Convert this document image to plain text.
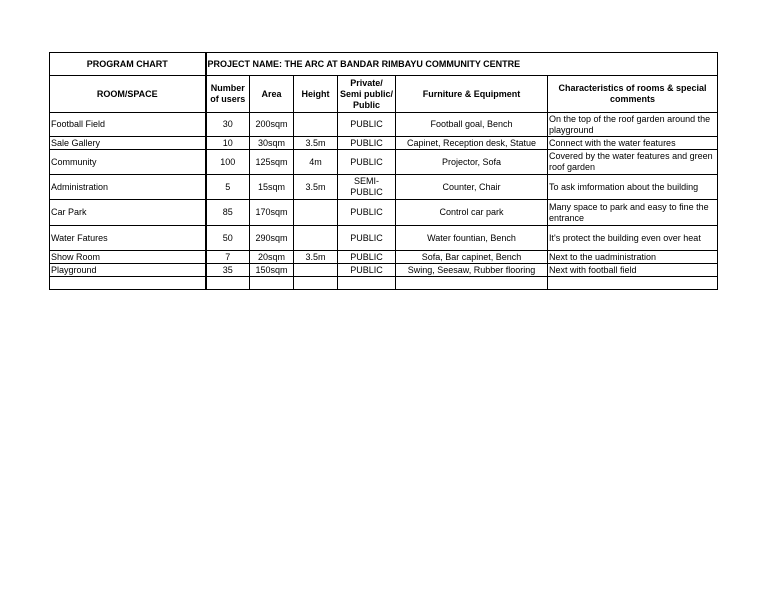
PROGRAM CHART	PROJECT NAME: THE ARC AT BANDAR RIMBAYU COMMUNITY CENTRE					
ROOM/SPACE	Number of users	Area	Height	Private/ Semi public/ Public	Furniture & Equipment	Characteristics of rooms & special comments
Football Field	30	200sqm		PUBLIC	Football goal, Bench	On the top of the roof garden around the playground
Sale Gallery	10	30sqm	3.5m	PUBLIC	Capinet, Reception desk, Statue	Connect with the water features
Community	100	125sqm	4m	PUBLIC	Projector, Sofa	Covered by the water features and green roof garden
Administration	5	15sqm	3.5m	SEMI-PUBLIC	Counter, Chair	To ask imformation about the building
Car Park	85	170sqm		PUBLIC	Control car park	Many space to park and easy to fine the entrance
Water Fatures	50	290sqm		PUBLIC	Water fountian, Bench	It's protect the building even over heat
Show Room	7	20sqm	3.5m	PUBLIC	Sofa, Bar capinet, Bench	Next to the uadministration
Playground	35	150sqm		PUBLIC	Swing, Seesaw, Rubber flooring	Next with football field
